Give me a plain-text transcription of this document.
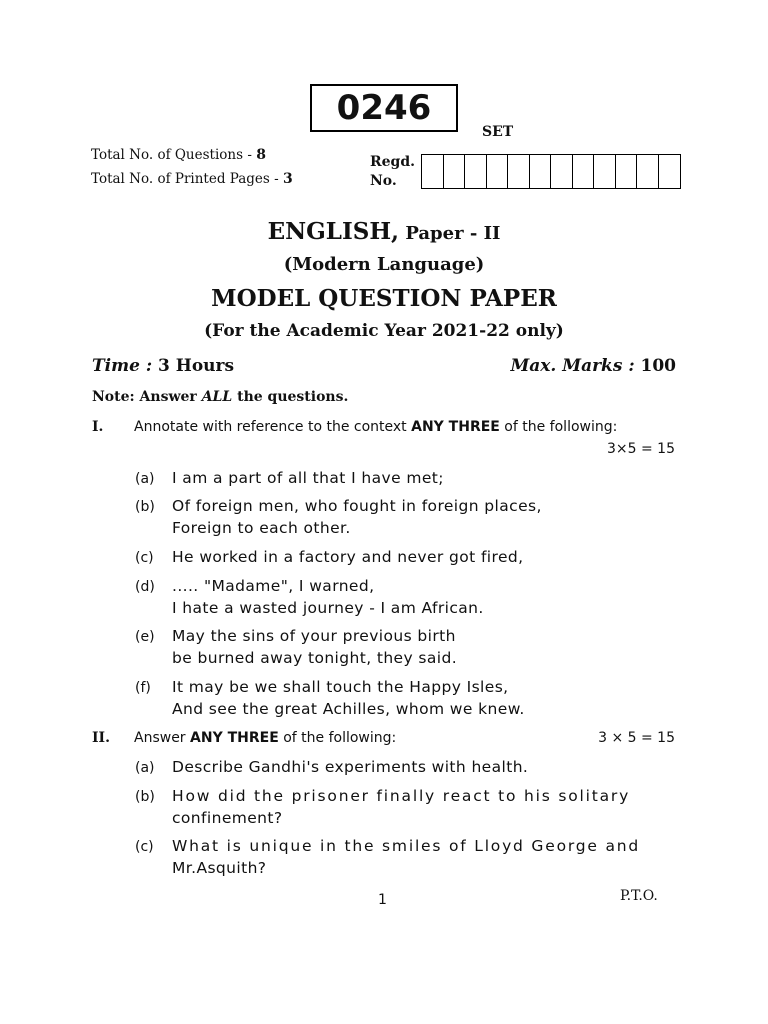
0246
SET
Total No. of Questions - 8
Total No. of Printed Pages - 3
Regd.
No.
ENGLISH, Paper - II
(Modern Language)
MODEL QUESTION PAPER
(For the Academic Year 2021-22 only)
Time : 3 Hours	Max. Marks : 100
Note: Answer ALL the questions.
I. Annotate with reference to the context ANY THREE of the following:
3×5 = 15
(a) I am a part of all that I have met;
(b) Of foreign men, who fought in foreign places,
Foreign to each other.
(c) He worked in a factory and never got fired,
(d) ..... "Madame", I warned,
I hate a wasted journey - I am African.
(e) May the sins of your previous birth
be burned away tonight, they said.
(f) It may be we shall touch the Happy Isles,
And see the great Achilles, whom we knew.
II. Answer ANY THREE of the following:	3 × 5 = 15
(a) Describe Gandhi's experiments with health.
(b) How did the prisoner finally react to his solitary
confinement?
(c) What is unique in the smiles of Lloyd George and
Mr.Asquith?
1	P.T.O.
